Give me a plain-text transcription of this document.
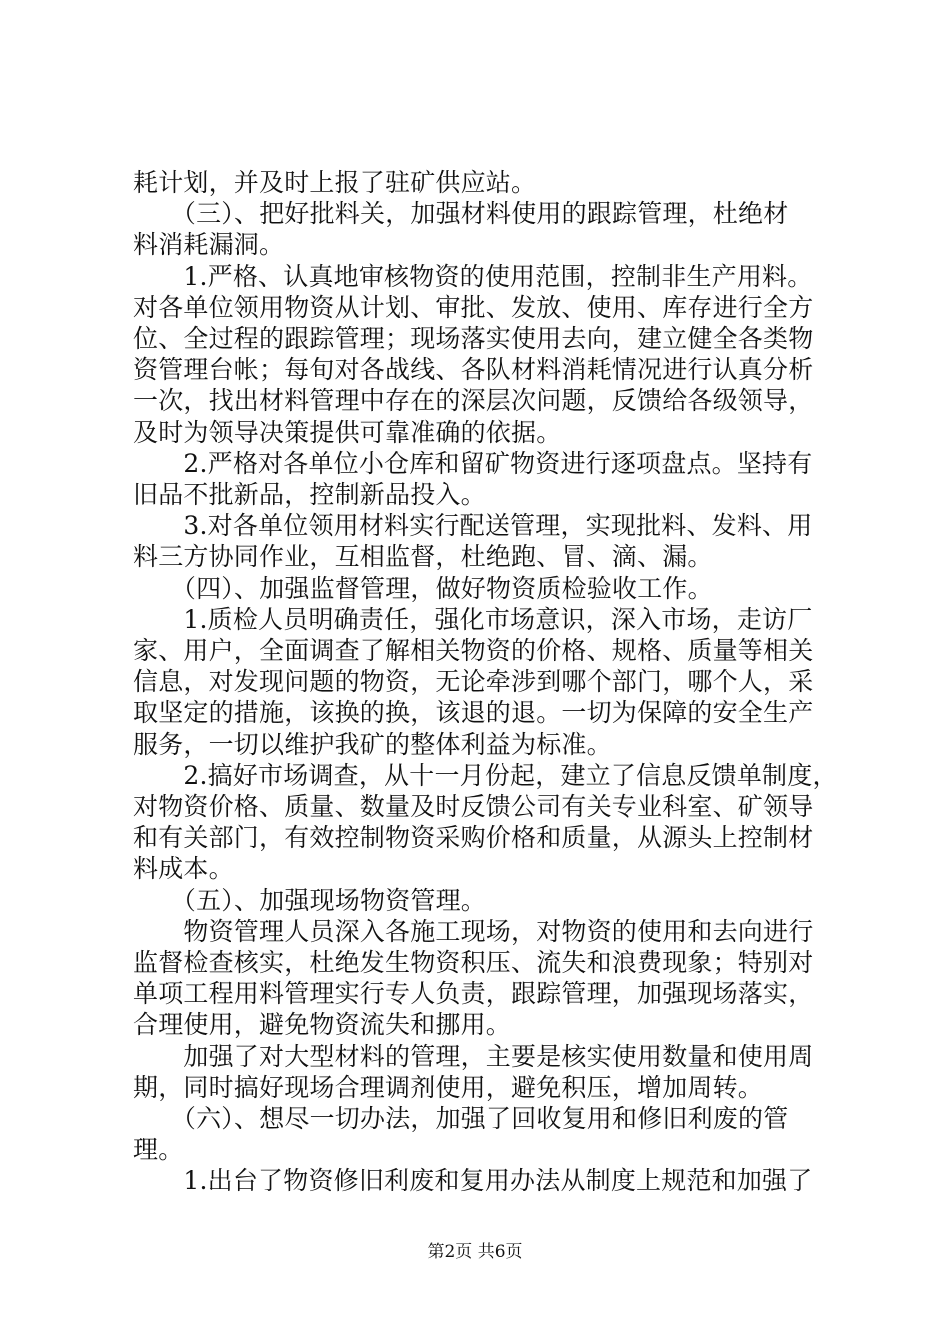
耗计划，并及时上报了驻矿供应站。
　　（三）、把好批料关，加强材料使用的跟踪管理，杜绝材
料消耗漏洞。
　　1.严格、认真地审核物资的使用范围，控制非生产用料。
对各单位领用物资从计划、审批、发放、使用、库存进行全方
位、全过程的跟踪管理；现场落实使用去向，建立健全各类物
资管理台帐；每旬对各战线、各队材料消耗情况进行认真分析
一次，找出材料管理中存在的深层次问题，反馈给各级领导，
及时为领导决策提供可靠准确的依据。
　　2.严格对各单位小仓库和留矿物资进行逐项盘点。坚持有
旧品不批新品，控制新品投入。
　　3.对各单位领用材料实行配送管理，实现批料、发料、用
料三方协同作业，互相监督，杜绝跑、冒、滴、漏。
　　（四）、加强监督管理，做好物资质检验收工作。
　　1.质检人员明确责任，强化市场意识，深入市场，走访厂
家、用户，全面调查了解相关物资的价格、规格、质量等相关
信息，对发现问题的物资，无论牵涉到哪个部门，哪个人，采
取坚定的措施，该换的换，该退的退。一切为保障的安全生产
服务，一切以维护我矿的整体利益为标准。
　　2.搞好市场调查，从十一月份起，建立了信息反馈单制度，
对物资价格、质量、数量及时反馈公司有关专业科室、矿领导
和有关部门，有效控制物资采购价格和质量，从源头上控制材
料成本。
　　（五）、加强现场物资管理。
　　物资管理人员深入各施工现场，对物资的使用和去向进行
监督检查核实，杜绝发生物资积压、流失和浪费现象；特别对
单项工程用料管理实行专人负责，跟踪管理，加强现场落实，
合理使用，避免物资流失和挪用。
　　加强了对大型材料的管理，主要是核实使用数量和使用周
期，同时搞好现场合理调剂使用，避免积压，增加周转。
　　（六）、想尽一切办法，加强了回收复用和修旧利废的管
理。
第2页 共6页
　　1.出台了物资修旧利废和复用办法从制度上规范和加强了
